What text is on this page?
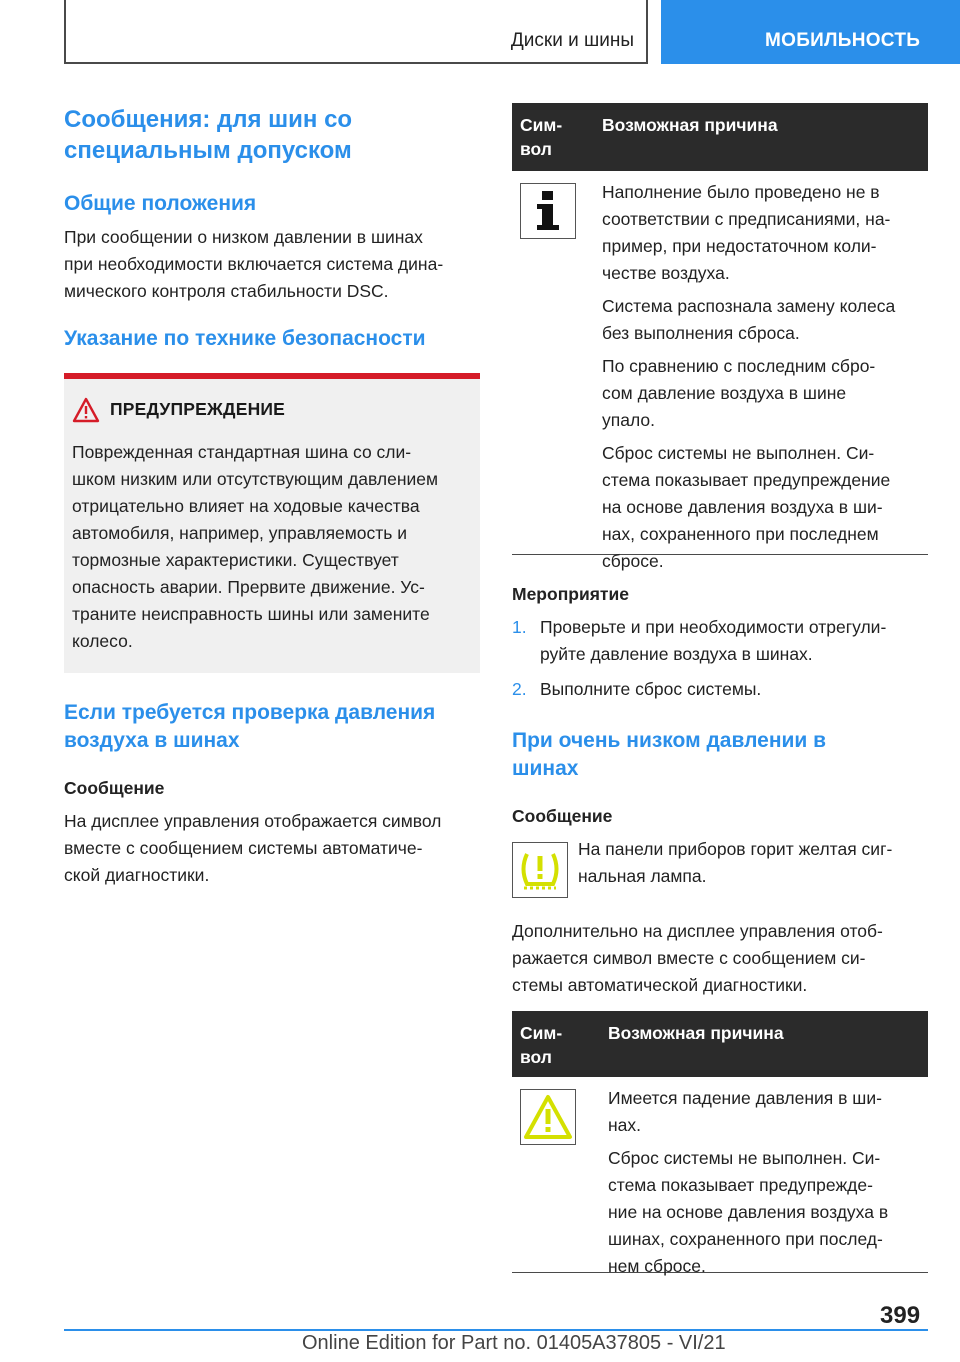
Диски и шины	МОБИЛЬНОСТЬ
Сообщения: для шин со
специальным допуском
Общие положения
При сообщении о низком давлении в шинах
при необходимости включается система дина-
мического контроля стабильности DSC.
Указание по технике безопасности
ПРЕДУПРЕЖДЕНИЕ
Поврежденная стандартная шина со сли-
шком низким или отсутствующим давлением
отрицательно влияет на ходовые качества
автомобиля, например, управляемость и
тормозные характеристики. Существует
опасность аварии. Прервите движение. Ус-
траните неисправность шины или замените
колесо.
Если требуется проверка давления
воздуха в шинах
Сообщение
На дисплее управления отображается символ
вместе с сообщением системы автоматиче-
ской диагностики.
Сим-
вол
Возможная причина

Наполнение было проведено не в
соответствии с предписаниями, на-
пример, при недостаточном коли-
честве воздуха.

Система распознала замену колеса
без выполнения сброса.

По сравнению с последним сбро-
сом давление воздуха в шине
упало.

Сброс системы не выполнен. Си-
стема показывает предупреждение
на основе давления воздуха в ши-
нах, сохраненного при последнем
сбросе.

Мероприятие
1. Проверьте и при необходимости отрегули-
руйте давление воздуха в шинах.
2. Выполните сброс системы.
При очень низком давлении в
шинах
Сообщение
На панели приборов горит желтая сиг-
нальная лампа.
Дополнительно на дисплее управления отоб-
ражается символ вместе с сообщением си-
стемы автоматической диагностики.
Сим-
вол
Возможная причина

Имеется падение давления в ши-
нах.

Сброс системы не выполнен. Си-
стема показывает предупрежде-
ние на основе давления воздуха в
шинах, сохраненного при послед-
нем сбросе.

399
Online Edition for Part no. 01405A37805 - VI/21
